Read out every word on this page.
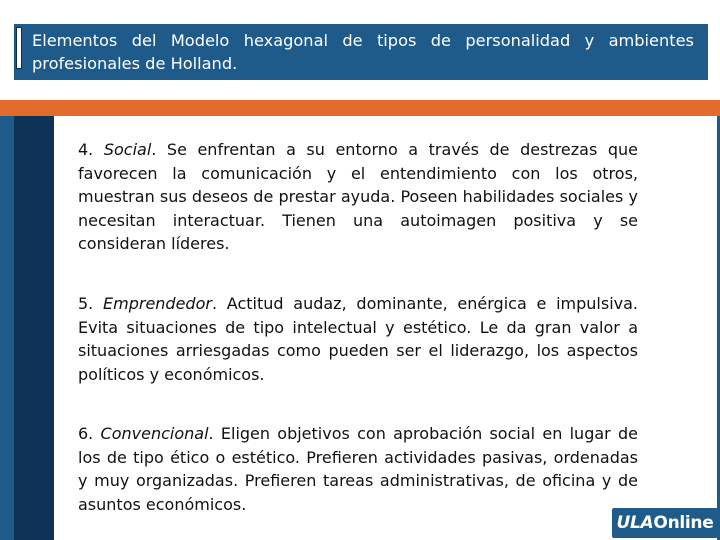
Elementos del Modelo hexagonal de tipos de personalidad y ambientes profesionales de Holland.

4. Social. Se enfrentan a su entorno a través de destrezas que favorecen la comunicación y el entendimiento con los otros, muestran sus deseos de prestar ayuda. Poseen habilidades sociales y necesitan interactuar. Tienen una autoimagen positiva y se consideran líderes.

5. Emprendedor. Actitud audaz, dominante, enérgica e impulsiva. Evita situaciones de tipo intelectual y estético. Le da gran valor a situaciones arriesgadas como pueden ser el liderazgo, los aspectos políticos y económicos.

6. Convencional. Eligen objetivos con aprobación social en lugar de los de tipo ético o estético. Prefieren actividades pasivas, ordenadas y muy organizadas. Prefieren tareas administrativas, de oficina y de asuntos económicos.

ULAOnline
